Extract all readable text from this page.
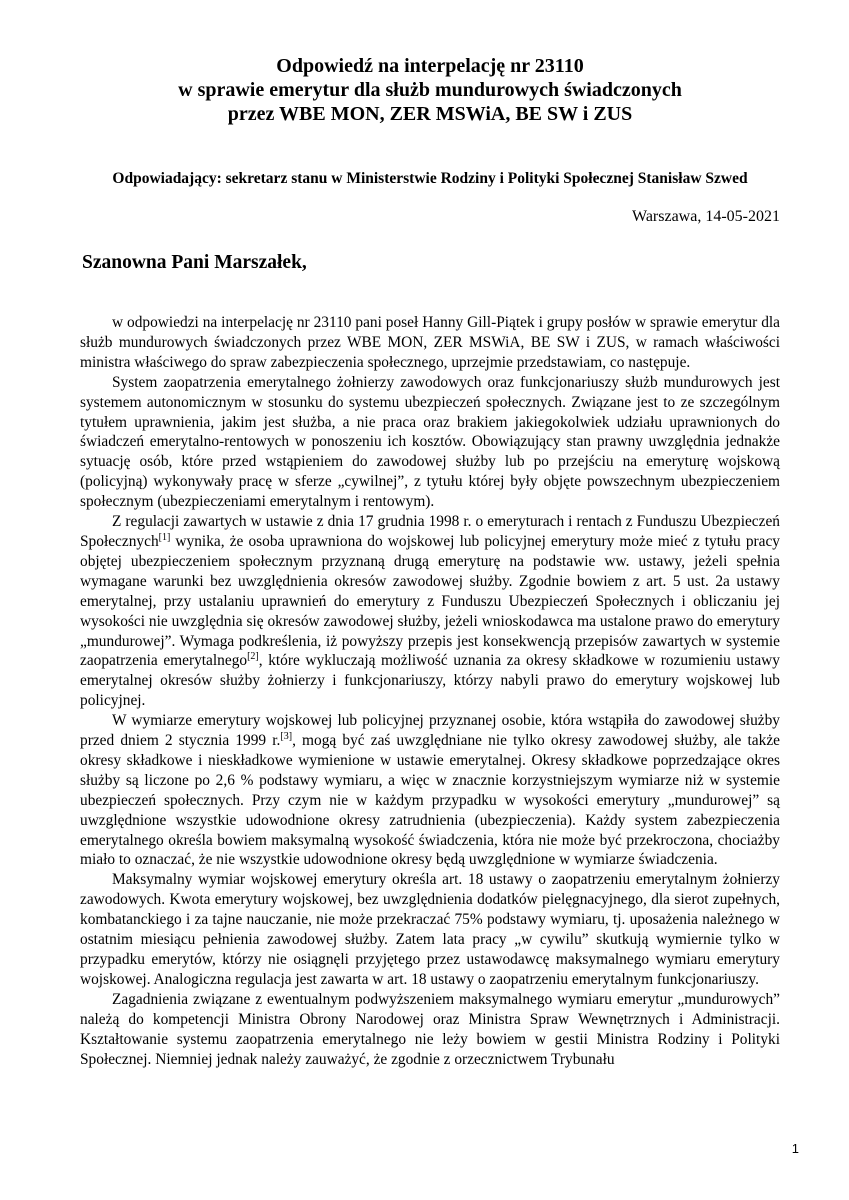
Odpowiedź na interpelację nr 23110
w sprawie emerytur dla służb mundurowych świadczonych
przez WBE MON, ZER MSWiA, BE SW i ZUS
Odpowiadający: sekretarz stanu w Ministerstwie Rodziny i Polityki Społecznej Stanisław Szwed
Warszawa, 14-05-2021
Szanowna Pani Marszałek,

w odpowiedzi na interpelację nr 23110 pani poseł Hanny Gill-Piątek i grupy posłów w sprawie emerytur dla służb mundurowych świadczonych przez WBE MON, ZER MSWiA, BE SW i ZUS, w ramach właściwości ministra właściwego do spraw zabezpieczenia społecznego, uprzejmie przedstawiam, co następuje.

System zaopatrzenia emerytalnego żołnierzy zawodowych oraz funkcjonariuszy służb mundurowych jest systemem autonomicznym w stosunku do systemu ubezpieczeń społecznych. Związane jest to ze szczególnym tytułem uprawnienia, jakim jest służba, a nie praca oraz brakiem jakiegokolwiek udziału uprawnionych do świadczeń emerytalno-rentowych w ponoszeniu ich kosztów. Obowiązujący stan prawny uwzględnia jednakże sytuację osób, które przed wstąpieniem do zawodowej służby lub po przejściu na emeryturę wojskową (policyjną) wykonywały pracę w sferze „cywilnej”, z tytułu której były objęte powszechnym ubezpieczeniem społecznym (ubezpieczeniami emerytalnym i rentowym).

Z regulacji zawartych w ustawie z dnia 17 grudnia 1998 r. o emeryturach i rentach z Funduszu Ubezpieczeń Społecznych[1] wynika, że osoba uprawniona do wojskowej lub policyjnej emerytury może mieć z tytułu pracy objętej ubezpieczeniem społecznym przyznaną drugą emeryturę na podstawie ww. ustawy, jeżeli spełnia wymagane warunki bez uwzględnienia okresów zawodowej służby. Zgodnie bowiem z art. 5 ust. 2a ustawy emerytalnej, przy ustalaniu uprawnień do emerytury z Funduszu Ubezpieczeń Społecznych i obliczaniu jej wysokości nie uwzględnia się okresów zawodowej służby, jeżeli wnioskodawca ma ustalone prawo do emerytury „mundurowej”. Wymaga podkreślenia, iż powyższy przepis jest konsekwencją przepisów zawartych w systemie zaopatrzenia emerytalnego[2], które wykluczają możliwość uznania za okresy składkowe w rozumieniu ustawy emerytalnej okresów służby żołnierzy i funkcjonariuszy, którzy nabyli prawo do emerytury wojskowej lub policyjnej.

W wymiarze emerytury wojskowej lub policyjnej przyznanej osobie, która wstąpiła do zawodowej służby przed dniem 2 stycznia 1999 r.[3], mogą być zaś uwzględniane nie tylko okresy zawodowej służby, ale także okresy składkowe i nieskładkowe wymienione w ustawie emerytalnej. Okresy składkowe poprzedzające okres służby są liczone po 2,6 % podstawy wymiaru, a więc w znacznie korzystniejszym wymiarze niż w systemie ubezpieczeń społecznych. Przy czym nie w każdym przypadku w wysokości emerytury „mundurowej” są uwzględnione wszystkie udowodnione okresy zatrudnienia (ubezpieczenia). Każdy system zabezpieczenia emerytalnego określa bowiem maksymalną wysokość świadczenia, która nie może być przekroczona, chociażby miało to oznaczać, że nie wszystkie udowodnione okresy będą uwzględnione w wymiarze świadczenia.

Maksymalny wymiar wojskowej emerytury określa art. 18 ustawy o zaopatrzeniu emerytalnym żołnierzy zawodowych. Kwota emerytury wojskowej, bez uwzględnienia dodatków pielęgnacyjnego, dla sierot zupełnych, kombatanckiego i za tajne nauczanie, nie może przekraczać 75% podstawy wymiaru, tj. uposażenia należnego w ostatnim miesiącu pełnienia zawodowej służby. Zatem lata pracy „w cywilu” skutkują wymiernie tylko w przypadku emerytów, którzy nie osiągnęli przyjętego przez ustawodawcę maksymalnego wymiaru emerytury wojskowej. Analogiczna regulacja jest zawarta w art. 18 ustawy o zaopatrzeniu emerytalnym funkcjonariuszy.

Zagadnienia związane z ewentualnym podwyższeniem maksymalnego wymiaru emerytur „mundurowych” należą do kompetencji Ministra Obrony Narodowej oraz Ministra Spraw Wewnętrznych i Administracji. Kształtowanie systemu zaopatrzenia emerytalnego nie leży bowiem w gestii Ministra Rodziny i Polityki Społecznej. Niemniej jednak należy zauważyć, że zgodnie z orzecznictwem Trybunału

1
